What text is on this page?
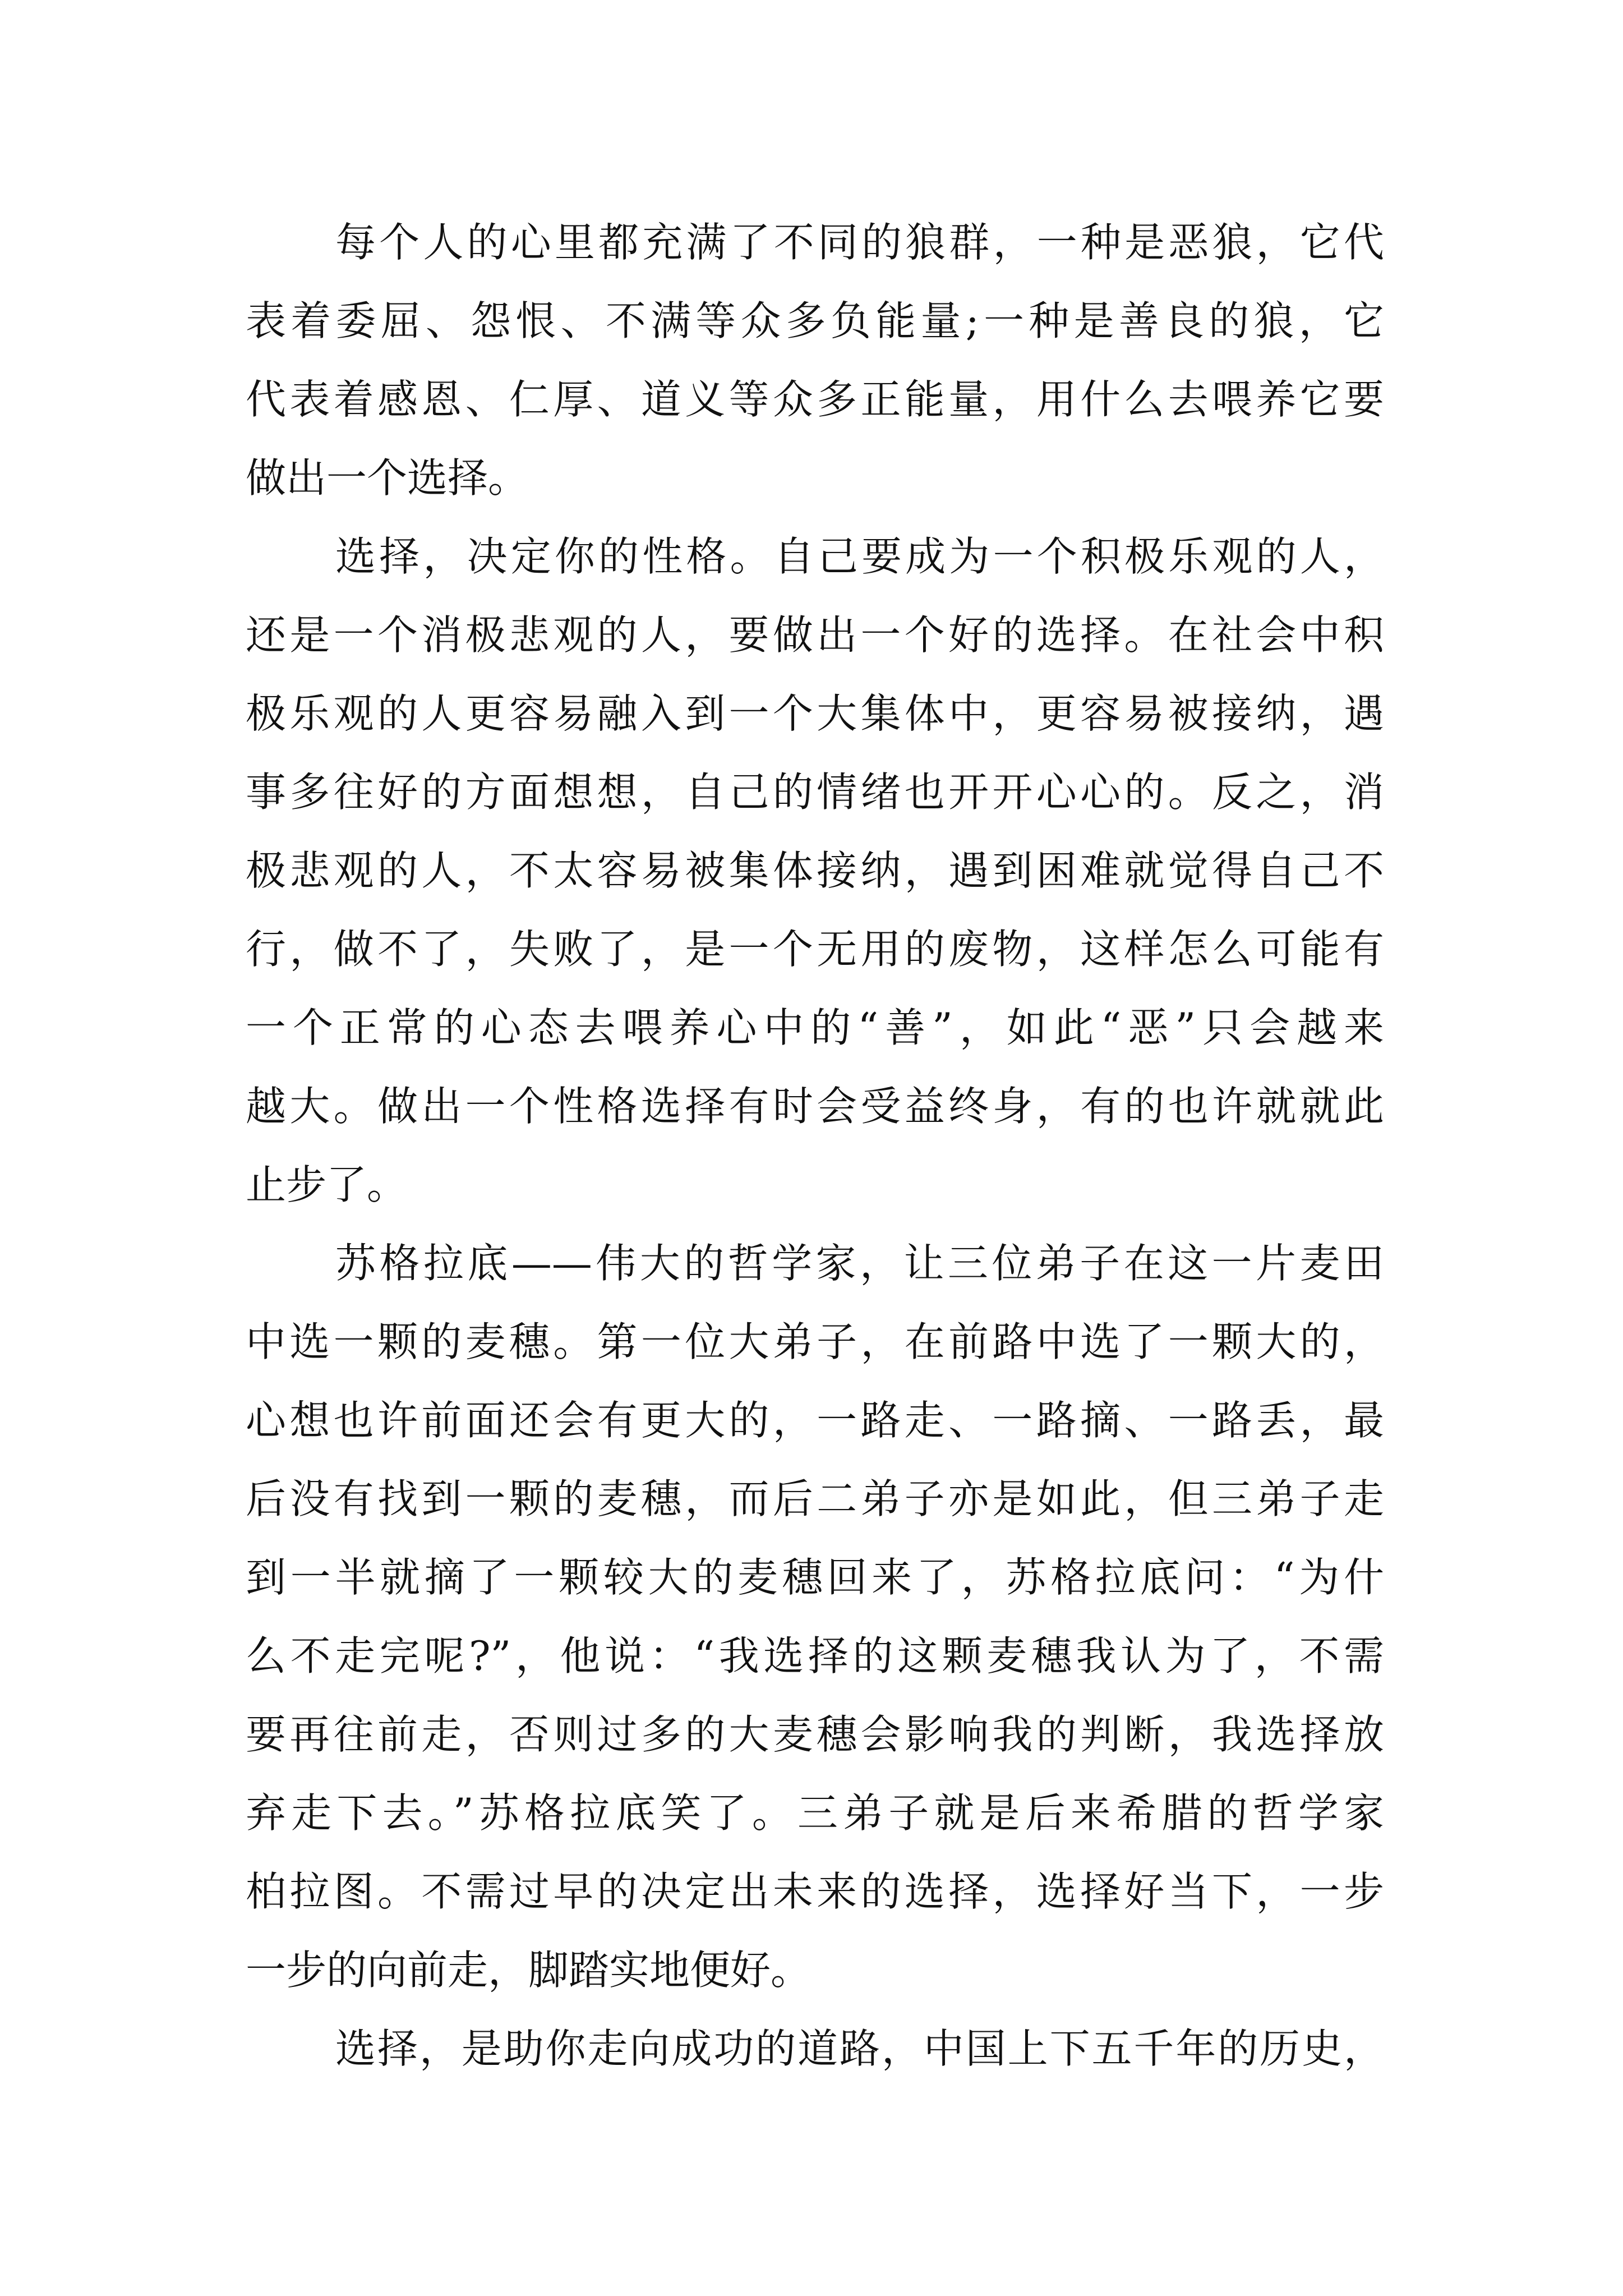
每个人的心里都充满了不同的狼群，一种是恶狼，它代
表着委屈、怨恨、不满等众多负能量;一种是善良的狼，它
代表着感恩、仁厚、道义等众多正能量，用什么去喂养它要
做出一个选择。
选择，决定你的性格。自己要成为一个积极乐观的人，
还是一个消极悲观的人，要做出一个好的选择。在社会中积
极乐观的人更容易融入到一个大集体中，更容易被接纳，遇
事多往好的方面想想，自己的情绪也开开心心的。反之，消
极悲观的人，不太容易被集体接纳，遇到困难就觉得自己不
行，做不了，失败了，是一个无用的废物，这样怎么可能有
一个正常的心态去喂养心中的“善”，如此“恶”只会越来
越大。做出一个性格选择有时会受益终身，有的也许就就此
止步了。
苏格拉底——伟大的哲学家，让三位弟子在这一片麦田
中选一颗的麦穗。第一位大弟子，在前路中选了一颗大的，
心想也许前面还会有更大的，一路走、一路摘、一路丢，最
后没有找到一颗的麦穗，而后二弟子亦是如此，但三弟子走
到一半就摘了一颗较大的麦穗回来了，苏格拉底问：“为什
么不走完呢?”，他说：“我选择的这颗麦穗我认为了，不需
要再往前走，否则过多的大麦穗会影响我的判断，我选择放
弃走下去。”苏格拉底笑了。三弟子就是后来希腊的哲学家
柏拉图。不需过早的决定出未来的选择，选择好当下，一步
一步的向前走，脚踏实地便好。
选择，是助你走向成功的道路，中国上下五千年的历史，
